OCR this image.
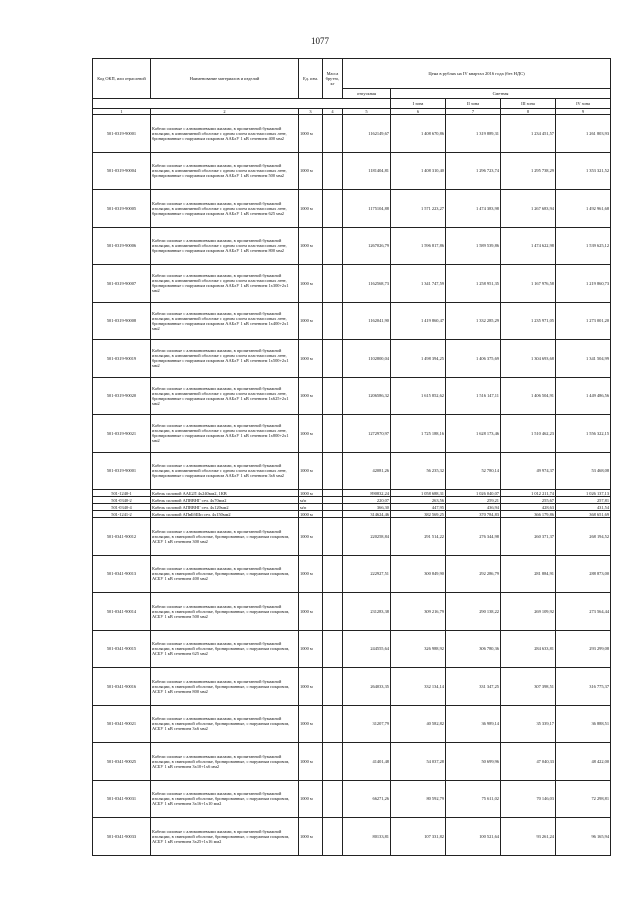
1077
Код ОКП, или отраслевой	Наименование материалов и изделий	Ед. изм.	Масса брутто, кг	Цена в рублях на IV квартал 2016 года (без НДС)				
				отпускная	Сметная			
					I зона	II зона	III зона	IV зона
1	2	3	4	5	6	7	8	9
501-0319-90001	Кабели силовые с алюминиевыми жилами, в пропитанной бумажной изоляции, в алюминиевой оболочке с одним слоем пластмассовых лент, бронированные с наружным покровом ААБлУ 1 кВ сечением 400 мм2	1000 м		1162149,67	1 408 670,86	1 319 889,31	1 234 451,57	1 261 803,93
501-0319-90004	Кабели силовые с алюминиевыми жилами, в пропитанной бумажной изоляции, в алюминиевой оболочке с одним слоем пластмассовых лент, бронированные с наружным покровом ААБлУ 1 кВ сечением 500 мм2	1000 м		1181404,81	1 408 310,40	1 296 723,74	1 295 738,29	1 353 321,52
501-0319-90005	Кабели силовые с алюминиевыми жилами, в пропитанной бумажной изоляции, в алюминиевой оболочке с одним слоем пластмассовых лент, бронированные с наружным покровом ААБлУ 1 кВ сечением 625 мм2	1000 м		1175104,88	1 571 223,27	1 474 383,98	1 267 683,94	1 492 961,68
501-0319-90006	Кабели силовые с алюминиевыми жилами, в пропитанной бумажной изоляции, в алюминиевой оболочке с одним слоем пластмассовых лент, бронированные с наружным покровом ААБлУ 1 кВ сечением 800 мм2	1000 м		1267026,79	1 596 817,86	1 589 539,86	1 474 622,98	1 539 625,12
501-0319-90007	Кабели силовые с алюминиевыми жилами, в пропитанной бумажной изоляции, в алюминиевой оболочке с одним слоем пластмассовых лент, бронированные с наружным покровом ААБлУ 1 кВ сечением 1х300+2х1 мм2	1000 м		1162568,73	1 341 747,59	1 258 951,35	1 167 976,58	1 219 860,73
501-0319-90008	Кабели силовые с алюминиевыми жилами, в пропитанной бумажной изоляции, в алюминиевой оболочке с одним слоем пластмассовых лент, бронированные с наружным покровом ААБлУ 1 кВ сечением 1х400+2х1 мм2	1000 м		1162041,90	1 419 860,47	1 332 285,29	1 235 971,05	1 273 001,20
501-0319-90019	Кабели силовые с алюминиевыми жилами, в пропитанной бумажной изоляции, в алюминиевой оболочке с одним слоем пластмассовых лент, бронированные с наружным покровом ААБлУ 1 кВ сечением 1х500+2х1 мм2	1000 м		1102800,04	1 498 394,25	1 406 375,69	1 304 693,68	1 341 504,99
501-0319-90020	Кабели силовые с алюминиевыми жилами, в пропитанной бумажной изоляции, в алюминиевой оболочке с одним слоем пластмассовых лент, бронированные с наружным покровом ААБлУ 1 кВ сечением 1х625+2х1 мм2	1000 м		1206586,32	1 615 852,62	1 516 147,11	1 406 504,91	1 449 486,56
501-0319-90021	Кабели силовые с алюминиевыми жилами, в пропитанной бумажной изоляции, в алюминиевой оболочке с одним слоем пластмассовых лент, бронированные с наружным покровом ААБлУ 1 кВ сечением 1х800+2х1 мм2	1000 м		1272970,97	1 725 188,16	1 628 173,46	1 510 462,23	1 556 322,15
501-0319-90001	Кабели силовые с алюминиевыми жилами, в пропитанной бумажной изоляции, в алюминиевой оболочке с одним слоем пластмассовых лент, бронированные с наружным покровом ААБлУ 1 кВ сечением 3х6 мм2	1000 м		42081,26	56 235,32	52 780,14	49 974,37	53 468,08
501-1240-1	Кабель силовой ААБ2Л 4х240мм2, 1КВ	1000 м		890832,24	1 058 688,31	1 026 040,07	1 012 211,74	1 026 137,13
501-0340-2	Кабель силовой АПВВНГ сеч. 4х70мм2	м/п		220,07	263,56	259,21	255,67	257,81
501-0340-4	Кабель силовой АПВВНГ сеч. 4х120мм2	м/п		366,30	447,95	436,94	428,63	431,54
501-1241-2	Кабель силовой АПвБбШп сеч. 4х150мм2	1000 м		314624,46	382 569,25	370 784,83	366 179,86	368 651,69
501-0341-90012	Кабели силовые с алюминиевыми жилами, в пропитанной бумажной изоляции, в свинцовой оболочке, бронированные, с наружным покровом, АСБУ 1 кВ сечением 300 мм2	1000 м		220258,84	291 514,22	276 344,98	260 371,37	268 194,52
501-0341-90013	Кабели силовые с алюминиевыми жилами, в пропитанной бумажной изоляции, в свинцовой оболочке, бронированные, с наружным покровом, АСБУ 1 кВ сечением 400 мм2	1000 м		222927,51	300 849,90	292 286,79	281 884,91	288 873,00
501-0341-90014	Кабели силовые с алюминиевыми жилами, в пропитанной бумажной изоляции, в свинцовой оболочке, бронированные, с наружным покровом, АСБУ 1 кВ сечением 500 мм2	1000 м		231283,38	309 216,79	290 138,22	269 109,92	273 564,44
501-0341-90015	Кабели силовые с алюминиевыми жилами, в пропитанной бумажной изоляции, в свинцовой оболочке, бронированные, с наружным покровом, АСБУ 1 кВ сечением 625 мм2	1000 м		244555,64	326 988,92	306 780,36	284 633,81	293 299,08
501-0341-90016	Кабели силовые с алюминиевыми жилами, в пропитанной бумажной изоляции, в свинцовой оболочке, бронированные, с наружным покровом, АСБУ 1 кВ сечением 800 мм2	1000 м		264033,35	332 134,14	331 347,25	307 398,51	316 775,37
501-0341-90021	Кабели силовые с алюминиевыми жилами, в пропитанной бумажной изоляции, в свинцовой оболочке, бронированные, с наружным покровом, АСБУ 1 кВ сечением 3х6 мм2	1000 м		31207,79	40 582,82	36 989,14	35 339,17	36 888,51
501-0341-90025	Кабели силовые с алюминиевыми жилами, в пропитанной бумажной изоляции, в свинцовой оболочке, бронированные, с наружным покровом, АСБУ 1 кВ сечением 3х10+1х6 мм2	1000 м		41401,48	54 037,28	50 699,96	47 040,33	48 422,00
501-0341-90031	Кабели силовые с алюминиевыми жилами, в пропитанной бумажной изоляции, в свинцовой оболочке, бронированные, с наружным покровом, АСБУ 1 кВ сечением 3х16+1х10 мм2	1000 м		66271,26	80 592,79	75 611,02	70 146,03	72 298,81
501-0341-90033	Кабели силовые с алюминиевыми жилами, в пропитанной бумажной изоляции, в свинцовой оболочке, бронированные, с наружным покровом, АСБУ 1 кВ сечением 3х25+1х16 мм2	1000 м		80133,81	107 331,82	100 521,64	93 261,24	96 165,94
